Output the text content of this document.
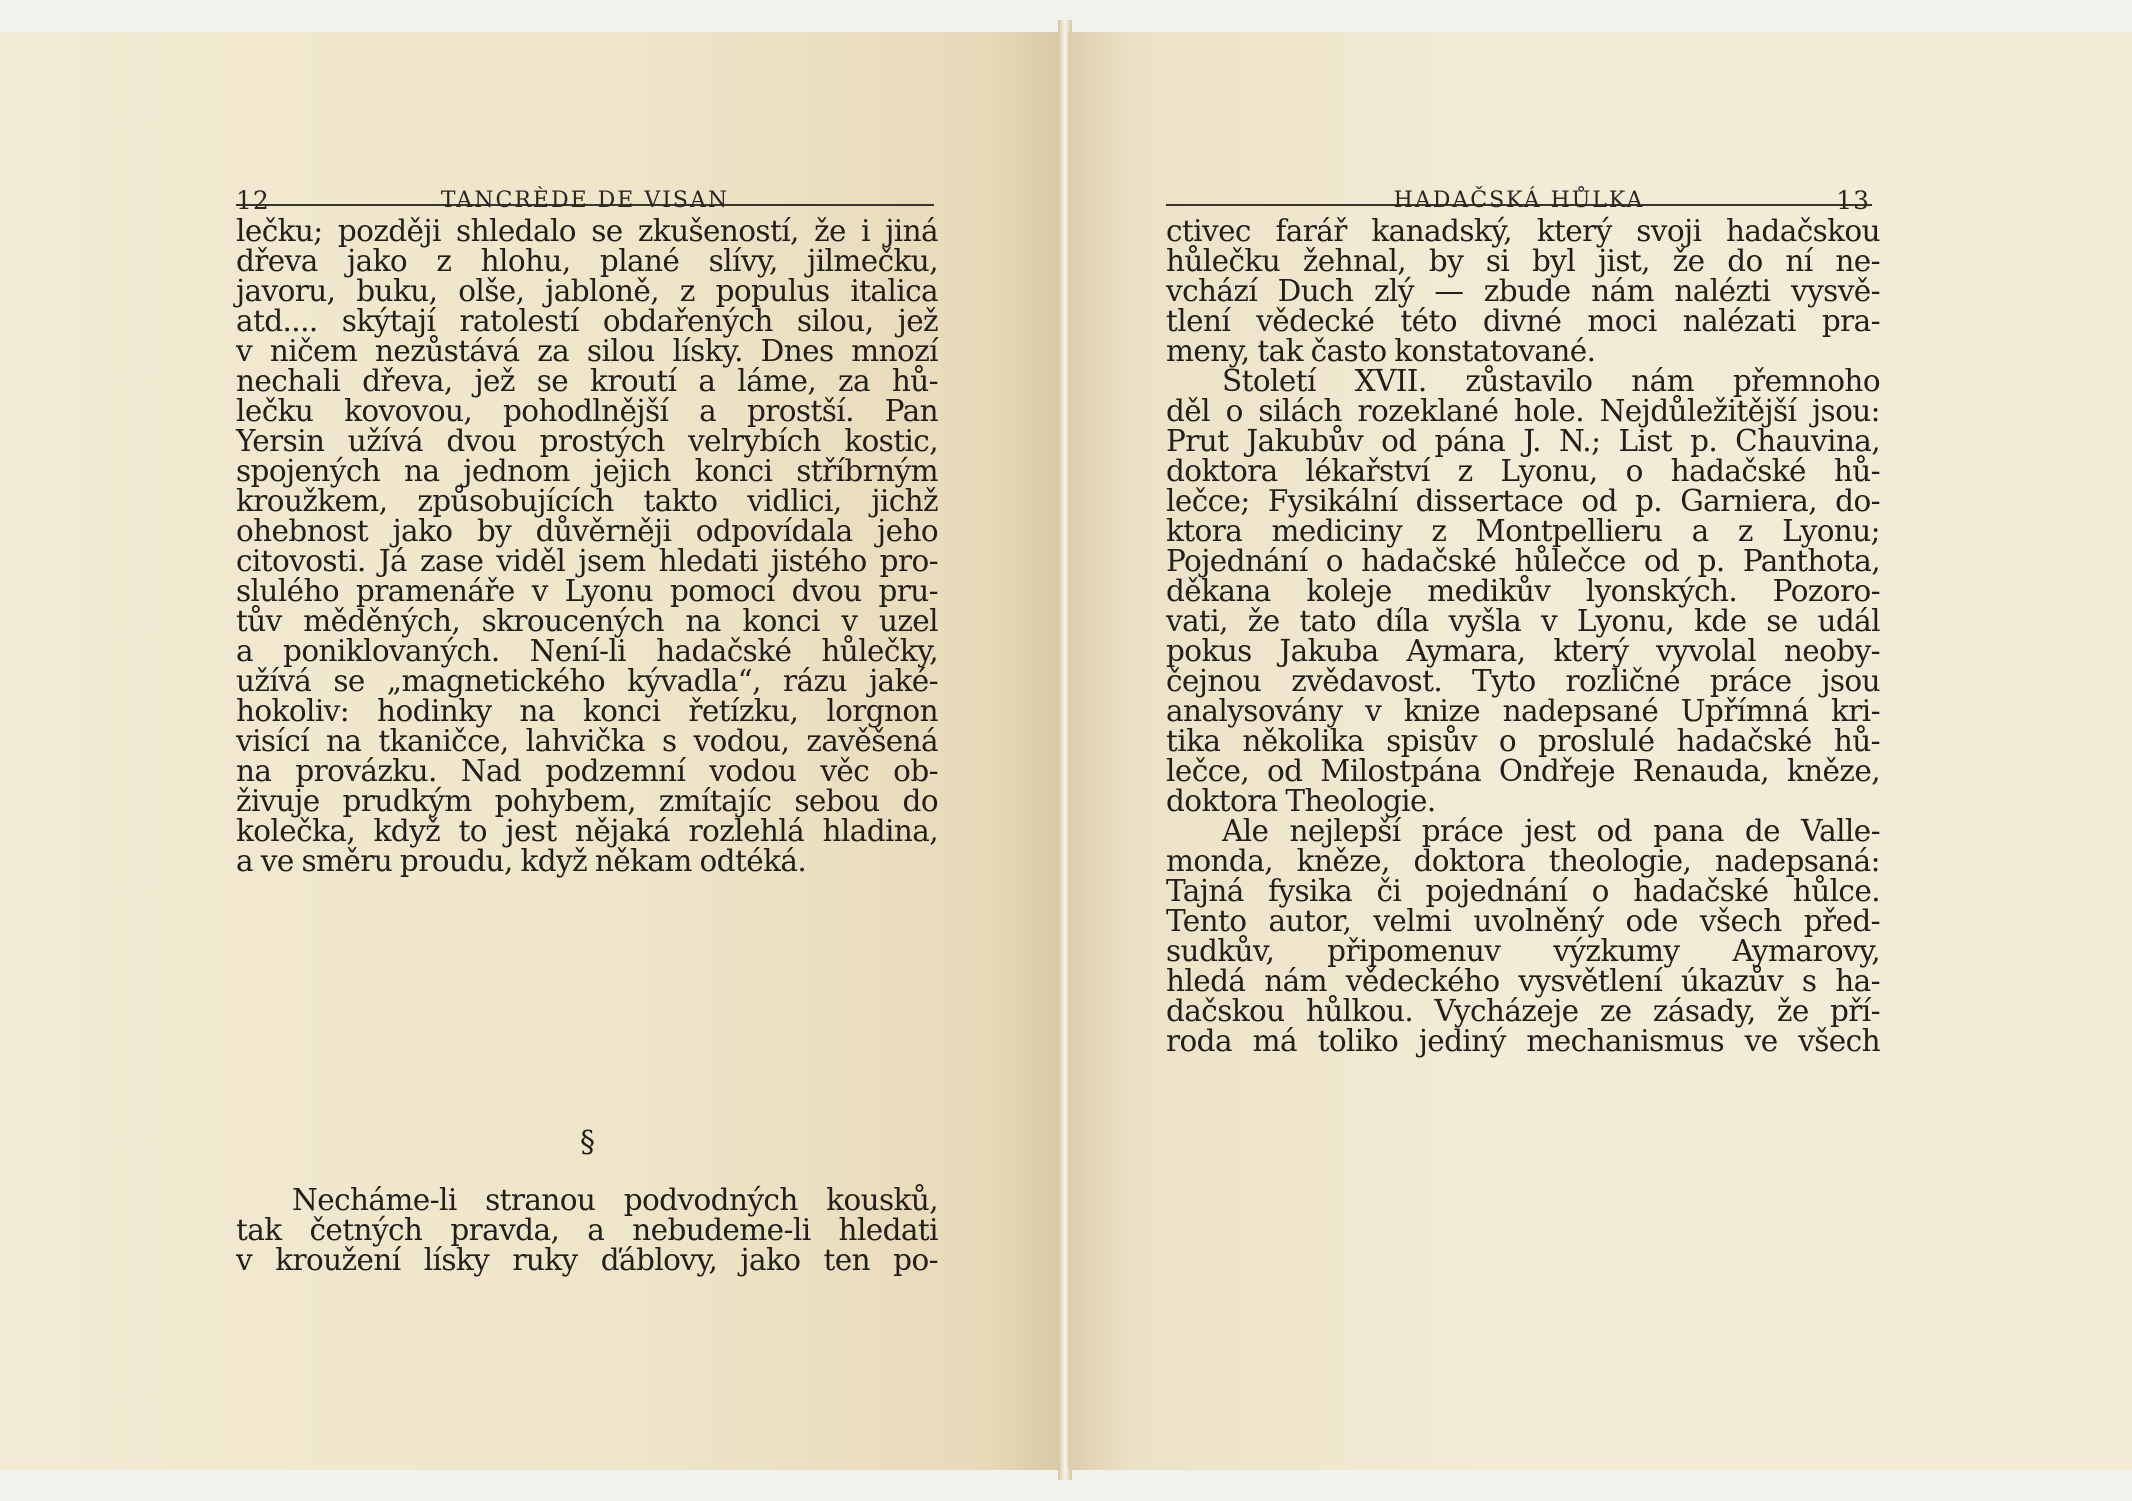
12	TANCRÈDE DE VISAN
lečku; později shledalo se zkušeností, že i jiná
dřeva jako z hlohu, plané slívy, jilmečku,
javoru, buku, olše, jabloně, z populus italica
atd.... skýtají ratolestí obdařených silou, jež
v ničem nezůstává za silou lísky. Dnes mnozí
nechali dřeva, jež se kroutí a láme, za hů-
lečku kovovou, pohodlnější a prostší. Pan
Yersin užívá dvou prostých velrybích kostic,
spojených na jednom jejich konci stříbrným
kroužkem, způsobujících takto vidlici, jichž
ohebnost jako by důvěrněji odpovídala jeho
citovosti. Já zase viděl jsem hledati jistého pro-
slulého pramenáře v Lyonu pomocí dvou pru-
tův měděných, skroucených na konci v uzel
a poniklovaných. Není-li hadačské hůlečky,
užívá se „magnetického kývadla“, rázu jaké-
hokoliv: hodinky na konci řetízku, lorgnon
visící na tkaničce, lahvička s vodou, zavěšená
na provázku. Nad podzemní vodou věc ob-
živuje prudkým pohybem, zmítajíc sebou do
kolečka, když to jest nějaká rozlehlá hladina,
a ve směru proudu, když někam odtéká.
§
Necháme-li stranou podvodných kousků,
tak četných pravda, a nebudeme-li hledati
v kroužení lísky ruky ďáblovy, jako ten po-
HADAČSKÁ HŮLKA	13
ctivec farář kanadský, který svoji hadačskou
hůlečku žehnal, by si byl jist, že do ní ne-
vchází Duch zlý — zbude nám nalézti vysvě-
tlení vědecké této divné moci nalézati pra-
meny, tak často konstatované.
Století XVII. zůstavilo nám přemnoho
děl o silách rozeklané hole. Nejdůležitější jsou:
Prut Jakubův od pána J. N.; List p. Chauvina,
doktora lékařství z Lyonu, o hadačské hů-
lečce; Fysikální dissertace od p. Garniera, do-
ktora mediciny z Montpellieru a z Lyonu;
Pojednání o hadačské hůlečce od p. Panthota,
děkana koleje medikův lyonských. Pozoro-
vati, že tato díla vyšla v Lyonu, kde se udál
pokus Jakuba Aymara, který vyvolal neoby-
čejnou zvědavost. Tyto rozličné práce jsou
analysovány v knize nadepsané Upřímná kri-
tika několika spisův o proslulé hadačské hů-
lečce, od Milostpána Ondřeje Renauda, kněze,
doktora Theologie.
Ale nejlepší práce jest od pana de Valle-
monda, kněze, doktora theologie, nadepsaná:
Tajná fysika či pojednání o hadačské hůlce.
Tento autor, velmi uvolněný ode všech před-
sudkův, připomenuv výzkumy Aymarovy,
hledá nám vědeckého vysvětlení úkazův s ha-
dačskou hůlkou. Vycházeje ze zásady, že pří-
roda má toliko jediný mechanismus ve všech
